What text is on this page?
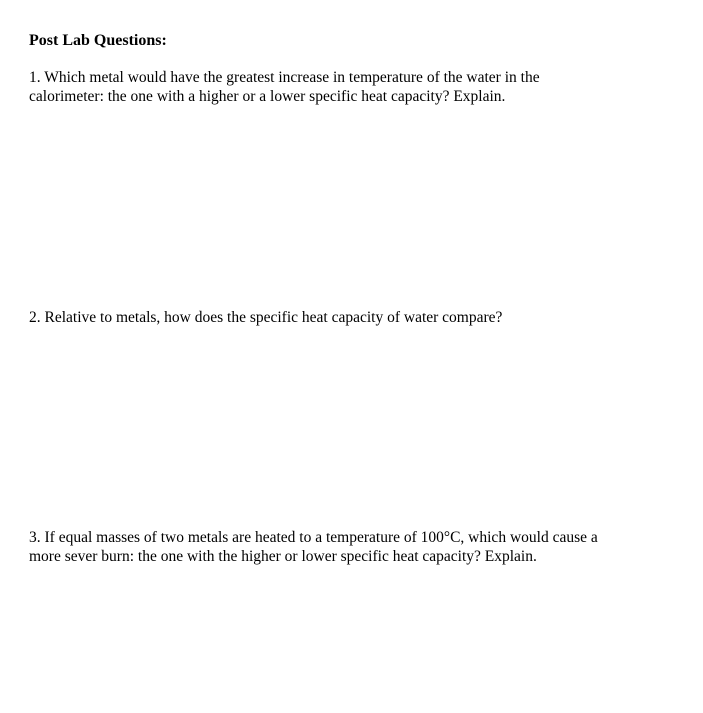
Post Lab Questions:
1. Which metal would have the greatest increase in temperature of the water in the
calorimeter: the one with a higher or a lower specific heat capacity? Explain.
2. Relative to metals, how does the specific heat capacity of water compare?
3. If equal masses of two metals are heated to a temperature of 100°C, which would cause a
more sever burn: the one with the higher or lower specific heat capacity? Explain.
